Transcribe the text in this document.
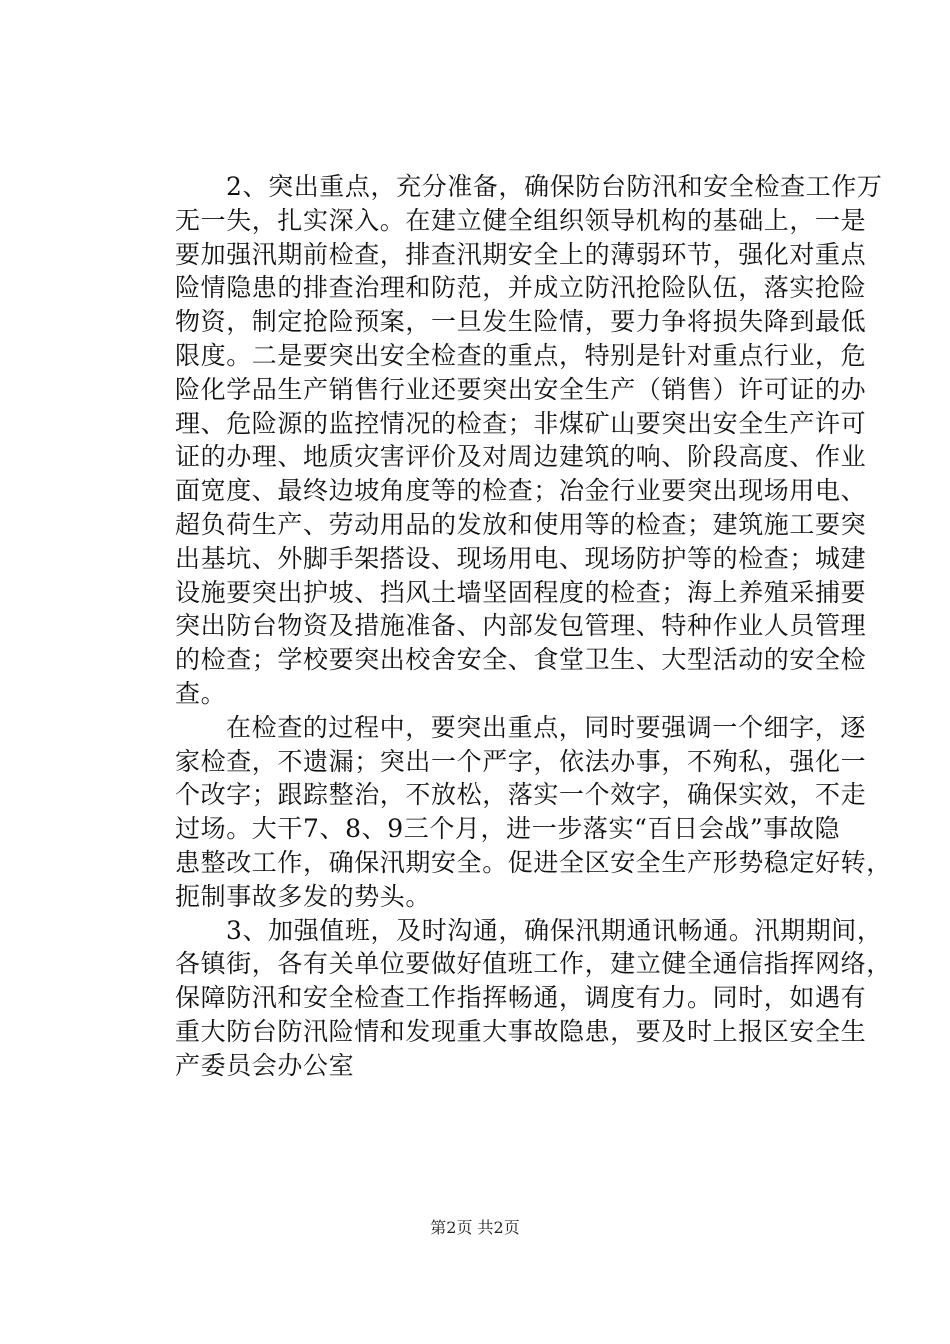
2、突出重点，充分准备，确保防台防汛和安全检查工作万
无一失，扎实深入。在建立健全组织领导机构的基础上，一是
要加强汛期前检查，排查汛期安全上的薄弱环节，强化对重点
险情隐患的排查治理和防范，并成立防汛抢险队伍，落实抢险
物资，制定抢险预案，一旦发生险情，要力争将损失降到最低
限度。二是要突出安全检查的重点，特别是针对重点行业，危
险化学品生产销售行业还要突出安全生产（销售）许可证的办
理、危险源的监控情况的检查；非煤矿山要突出安全生产许可
证的办理、地质灾害评价及对周边建筑的响、阶段高度、作业
面宽度、最终边坡角度等的检查；冶金行业要突出现场用电、
超负荷生产、劳动用品的发放和使用等的检查；建筑施工要突
出基坑、外脚手架搭设、现场用电、现场防护等的检查；城建
设施要突出护坡、挡风土墙坚固程度的检查；海上养殖采捕要
突出防台物资及措施准备、内部发包管理、特种作业人员管理
的检查；学校要突出校舍安全、食堂卫生、大型活动的安全检
查。
在检查的过程中，要突出重点，同时要强调一个细字，逐
家检查，不遗漏；突出一个严字，依法办事，不殉私，强化一
个改字；跟踪整治，不放松，落实一个效字，确保实效，不走
过场。大干7、8、9三个月，进一步落实“百日会战”事故隐
患整改工作，确保汛期安全。促进全区安全生产形势稳定好转，
扼制事故多发的势头。
3、加强值班，及时沟通，确保汛期通讯畅通。汛期期间，
各镇街，各有关单位要做好值班工作，建立健全通信指挥网络，
保障防汛和安全检查工作指挥畅通，调度有力。同时，如遇有
重大防台防汛险情和发现重大事故隐患，要及时上报区安全生
产委员会办公室
第2页 共2页
